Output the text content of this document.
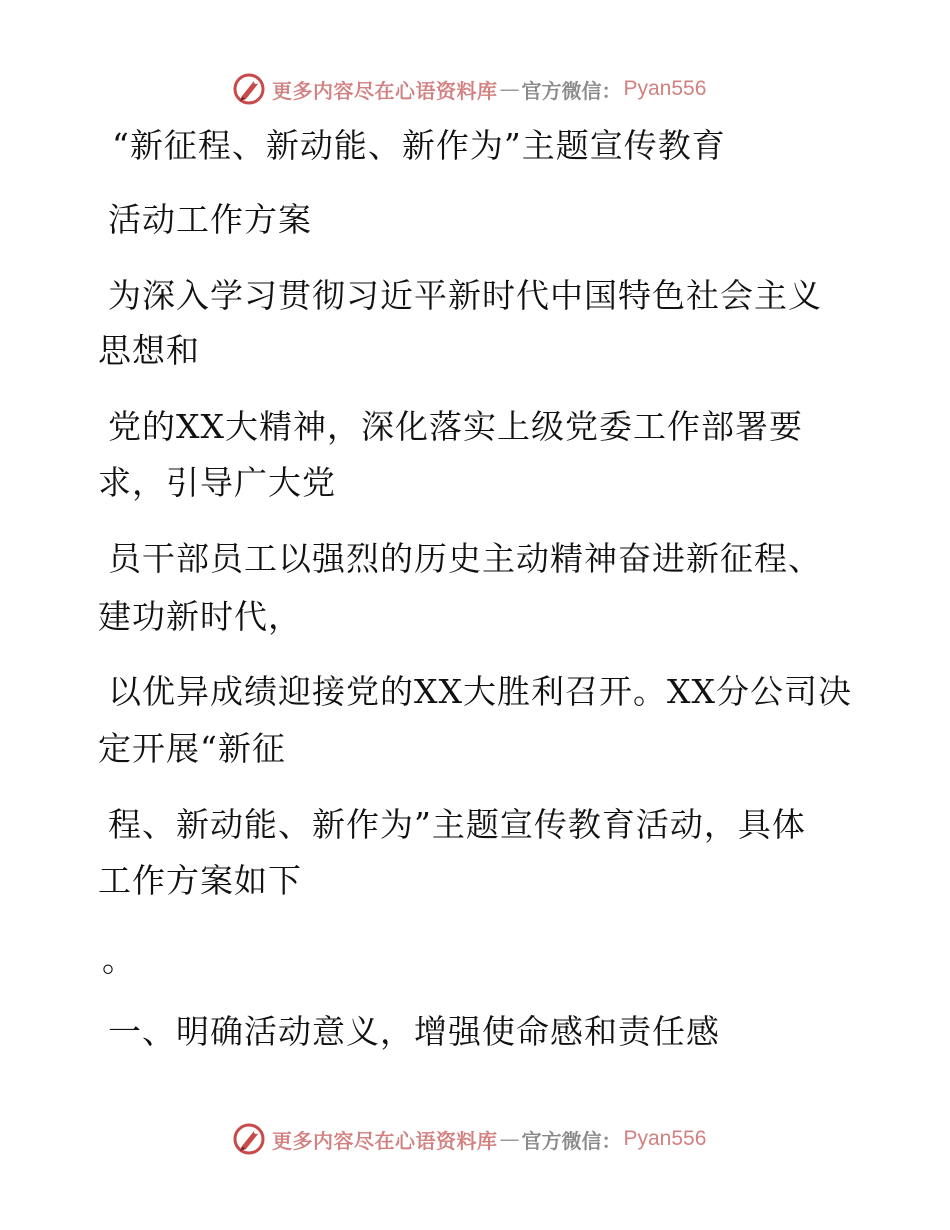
更多内容尽在心语资料库 — 官方微信： Pyan556
“新征程、新动能、新作为”主题宣传教育
活动工作方案
为深入学习贯彻习近平新时代中国特色社会主义
思想和
党的XX大精神，深化落实上级党委工作部署要
求，引导广大党
员干部员工以强烈的历史主动精神奋进新征程、
建功新时代，
以优异成绩迎接党的XX大胜利召开。XX分公司决
定开展“新征
程、新动能、新作为”主题宣传教育活动，具体
工作方案如下
。
一、明确活动意义，增强使命感和责任感
更多内容尽在心语资料库 — 官方微信： Pyan556
